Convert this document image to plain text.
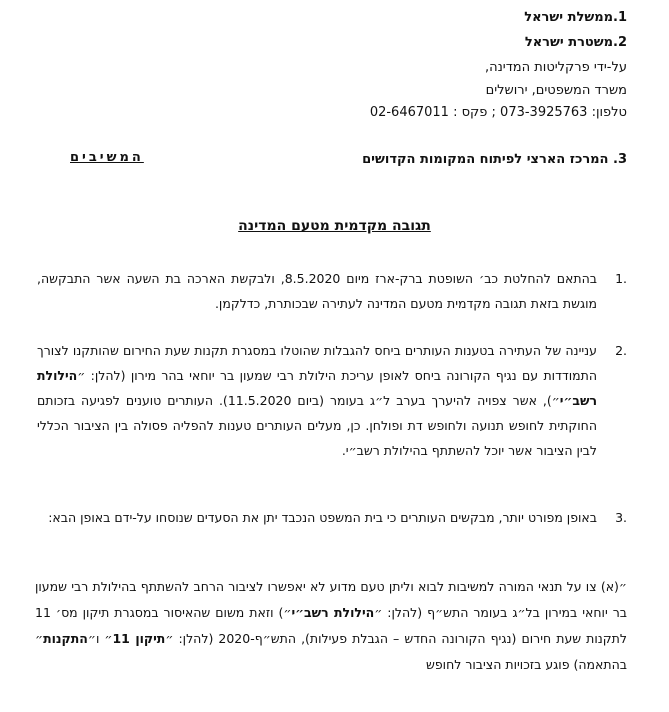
1.ממשלת ישראל
2.משטרת ישראל
על-ידי פרקליטות המדינה,
משרד המשפטים, ירושלים
טלפון: 073-3925763 ; פקס : 02-6467011
3. המרכז הארצי לפיתוח המקומות הקדושים
המשיבים
תגובה מקדמית מטעם המדינה
.1
בהתאם להחלטת כב׳ השופטת ברק-ארז מיום 8.5.2020, ולבקשת הארכה בת השעה אשר התבקשה, מוגשת בזאת תגובה מקדמית מטעם המדינה לעתירה שבכותרת, כדלקמן.
.2
עניינה של העתירה בטענות העותרים ביחס להגבלות שהוטלו במסגרת תקנות שעת החירום שהותקנו לצורך התמודדות עם נגיף הקורונה ביחס לאופן עריכת הילולת רבי שמעון בר יוחאי בהר מירון (להלן: ״הילולת רשב״י״), אשר צפויה להיערך בערב ל״ג בעומר (ביום 11.5.2020). העותרים טוענים לפגיעה בזכותם החוקתית לחופש תנועה ולחופש דת ופולחן. כן, מעלים העותרים טענות להפליה פסולה בין הציבור הכללי לבין הציבור אשר יוכל להשתתף בהילולת רשב״י.
.3
באופן מפורט יותר, מבקשים העותרים כי בית המשפט הנכבד יתן את הסעדים שנוסחו על-ידם באופן הבא:
״(א) צו על תנאי המורה למשיבות לבוא וליתן טעם מדוע לא יאפשרו לציבור הרחב להשתתף בהילולת רבי שמעון בר יוחאי במירון בל״ג בעומר התש״ף (להלן: ״הילולת רשב״י״) וזאת משום שהאיסור במסגרת תיקון מס׳ 11 לתקנות שעת חירום (נגיף הקורונה החדש – הגבלת פעילות), התש״ף-2020 (להלן: ״תיקון 11״ ו״התקנות״ בהתאמה) פוגע בזכויות הציבור לחופש
